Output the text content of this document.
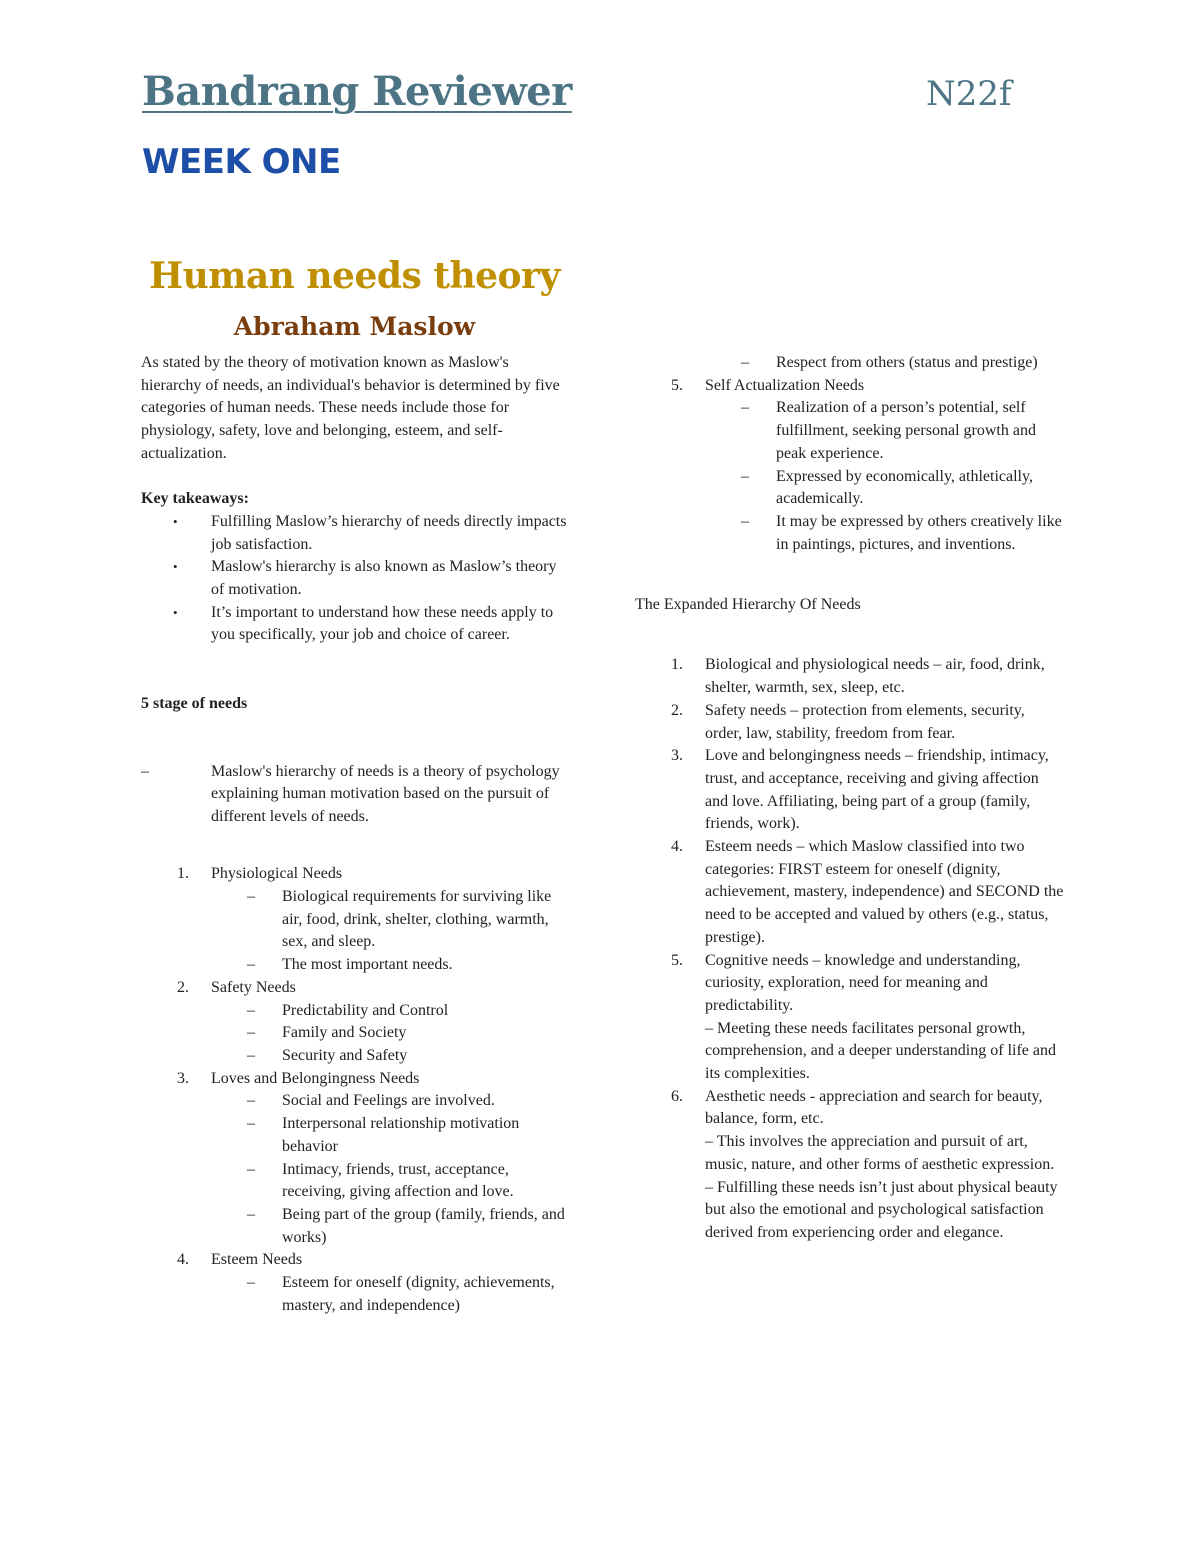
Bandrang Reviewer	N22f
WEEK ONE
Human needs theory
Abraham Maslow

As stated by the theory of motivation known as Maslow's hierarchy of needs, an individual's behavior is determined by five categories of human needs. These needs include those for physiology, safety, love and belonging, esteem, and self-actualization.

Key takeaways:

•	Fulfilling Maslow’s hierarchy of needs directly impacts job satisfaction.
•	Maslow's hierarchy is also known as Maslow’s theory of motivation.
•	It’s important to understand how these needs apply to you specifically, your job and choice of career.

5 stage of needs

–	Maslow's hierarchy of needs is a theory of psychology explaining human motivation based on the pursuit of different levels of needs.
1.	Physiological Needs
–	Biological requirements for surviving like air, food, drink, shelter, clothing, warmth, sex, and sleep.
–	The most important needs.
2.	Safety Needs
–	Predictability and Control
–	Family and Society
–	Security and Safety
3.	Loves and Belongingness Needs
–	Social and Feelings are involved.
–	Interpersonal relationship motivation behavior
–	Intimacy, friends, trust, acceptance, receiving, giving affection and love.
–	Being part of the group (family, friends, and works)
4.	Esteem Needs
–	Esteem for oneself (dignity, achievements, mastery, and independence)
–	Respect from others (status and prestige)
5.	Self Actualization Needs
–	Realization of a person’s potential, self fulfillment, seeking personal growth and peak experience.
–	Expressed by economically, athletically, academically.
–	It may be expressed by others creatively like in paintings, pictures, and inventions.

The Expanded Hierarchy Of Needs

1.	Biological and physiological needs – air, food, drink, shelter, warmth, sex, sleep, etc.
2.	Safety needs – protection from elements, security, order, law, stability, freedom from fear.
3.	Love and belongingness needs – friendship, intimacy, trust, and acceptance, receiving and giving affection and love. Affiliating, being part of a group (family, friends, work).
4.	Esteem needs – which Maslow classified into two categories: FIRST esteem for oneself (dignity, achievement, mastery, independence) and SECOND the need to be accepted and valued by others (e.g., status, prestige).
5.	Cognitive needs – knowledge and understanding, curiosity, exploration, need for meaning and predictability.
– Meeting these needs facilitates personal growth, comprehension, and a deeper understanding of life and its complexities.
6.	Aesthetic needs - appreciation and search for beauty, balance, form, etc.
– This involves the appreciation and pursuit of art, music, nature, and other forms of aesthetic expression.
– Fulfilling these needs isn’t just about physical beauty but also the emotional and psychological satisfaction derived from experiencing order and elegance.
